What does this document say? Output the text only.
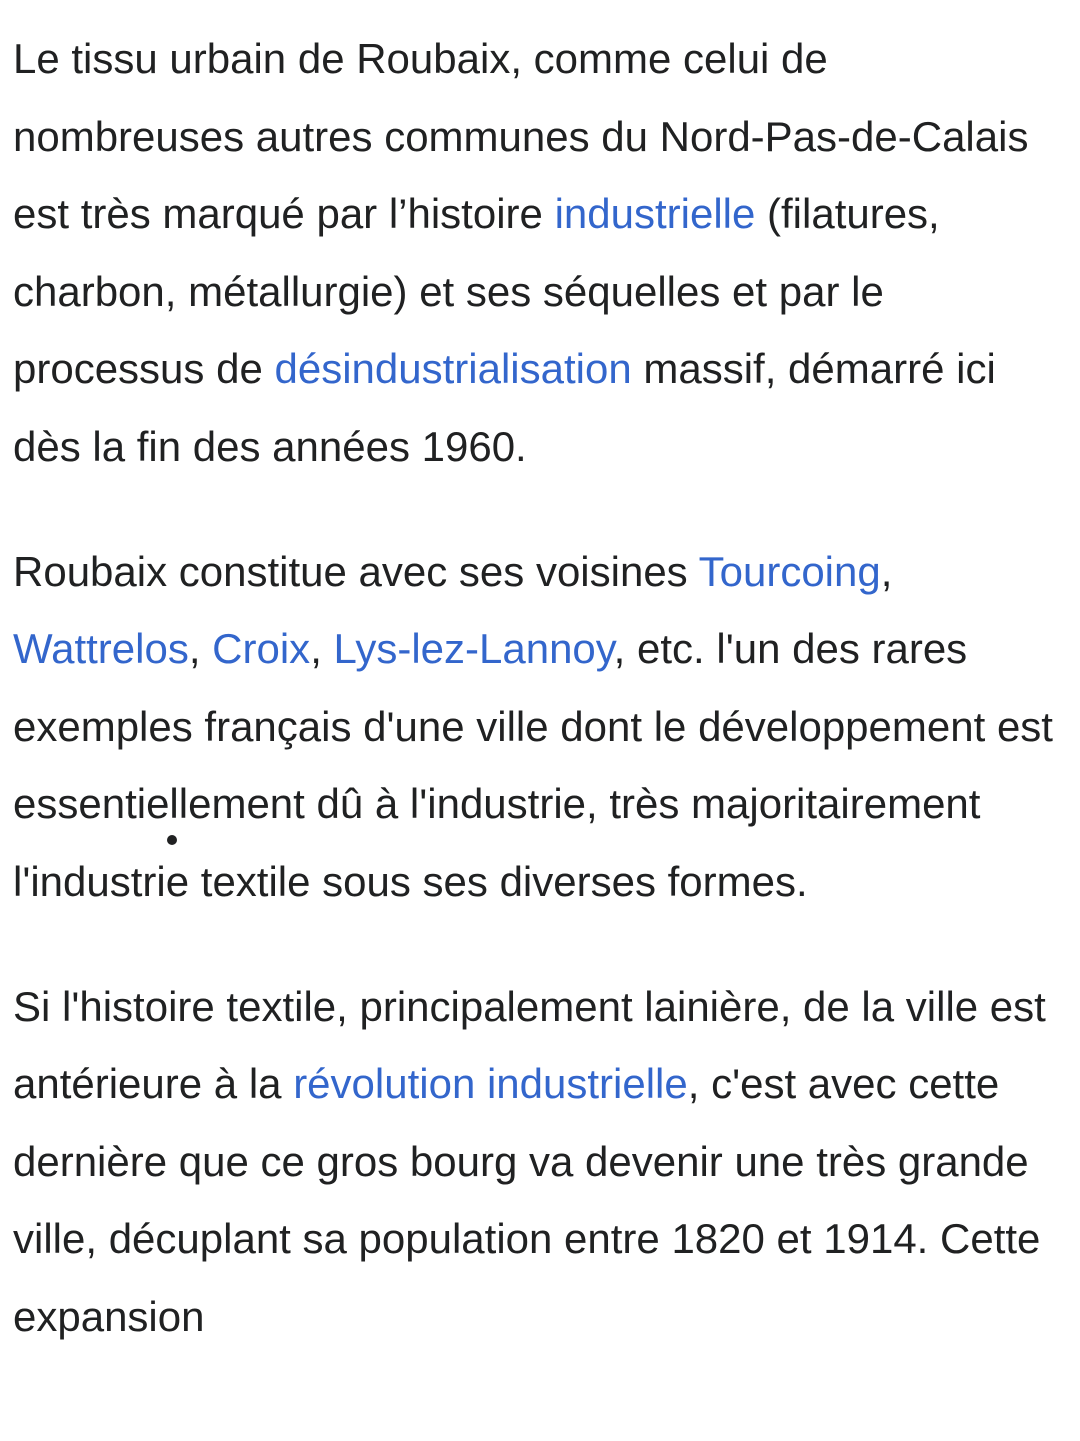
Le tissu urbain de Roubaix, comme celui de nombreuses autres communes du Nord-Pas-de-Calais est très marqué par l’histoire industrielle (filatures, charbon, métallurgie) et ses séquelles et par le processus de désindustrialisation massif, démarré ici dès la fin des années 1960.

Roubaix constitue avec ses voisines Tourcoing, Wattrelos, Croix, Lys-lez-Lannoy, etc. l'un des rares exemples français d'une ville dont le développement est essentiellement dû à l'industrie, très majoritairement l'industrie textile sous ses diverses formes.

Si l'histoire textile, principalement lainière, de la ville est antérieure à la révolution industrielle, c'est avec cette dernière que ce gros bourg va devenir une très grande ville, décuplant sa population entre 1820 et 1914. Cette expansion
